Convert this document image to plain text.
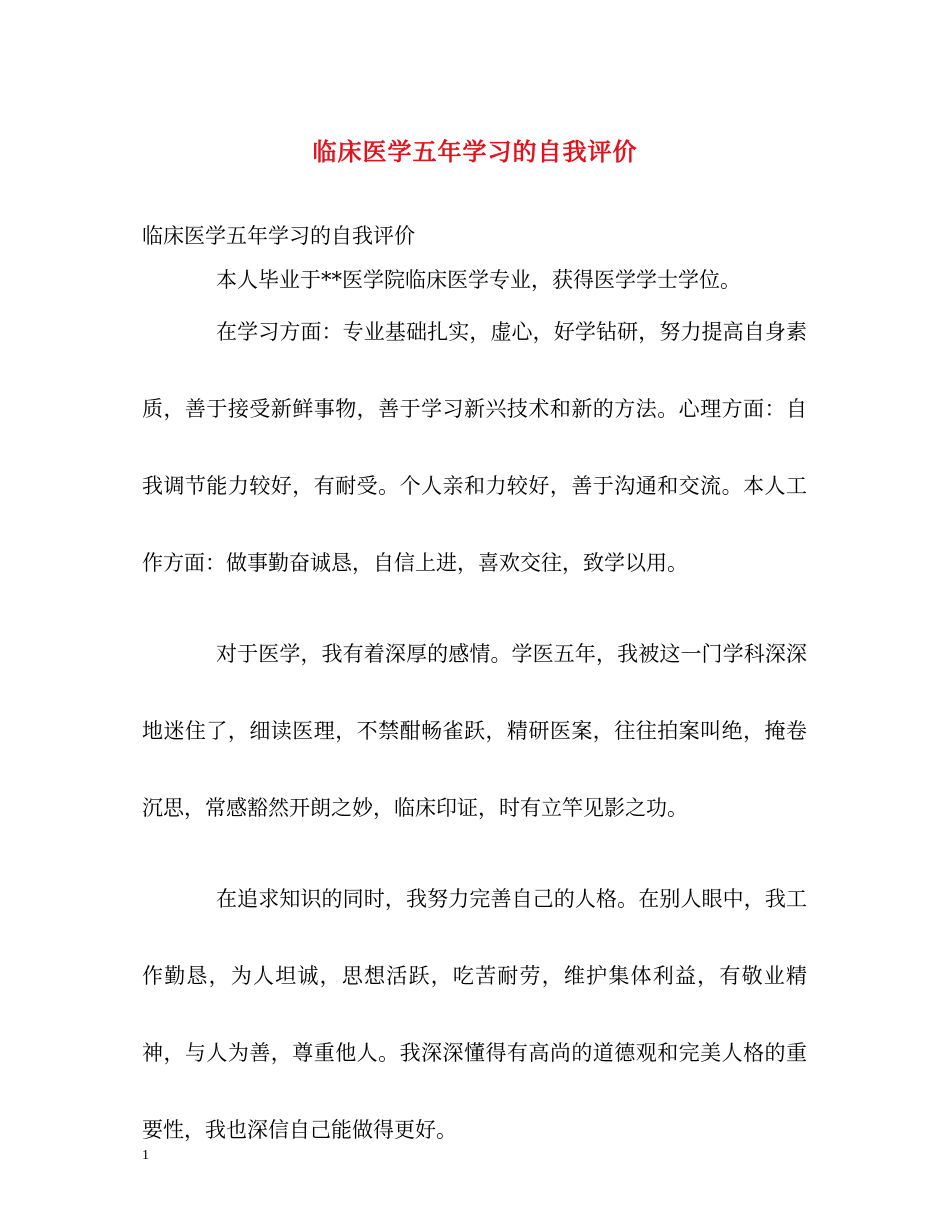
临床医学五年学习的自我评价
临床医学五年学习的自我评价

本人毕业于**医学院临床医学专业，获得医学学士学位。

在学习方面：专业基础扎实，虚心，好学钻研，努力提高自身素质，善于接受新鲜事物，善于学习新兴技术和新的方法。心理方面：自我调节能力较好，有耐受。个人亲和力较好，善于沟通和交流。本人工作方面：做事勤奋诚恳，自信上进，喜欢交往，致学以用。

对于医学，我有着深厚的感情。学医五年，我被这一门学科深深地迷住了，细读医理，不禁酣畅雀跃，精研医案，往往拍案叫绝，掩卷沉思，常感豁然开朗之妙，临床印证，时有立竿见影之功。

在追求知识的同时，我努力完善自己的人格。在别人眼中，我工作勤恳，为人坦诚，思想活跃，吃苦耐劳，维护集体利益，有敬业精神，与人为善，尊重他人。我深深懂得有高尚的道德观和完美人格的重要性，我也深信自己能做得更好。

1
